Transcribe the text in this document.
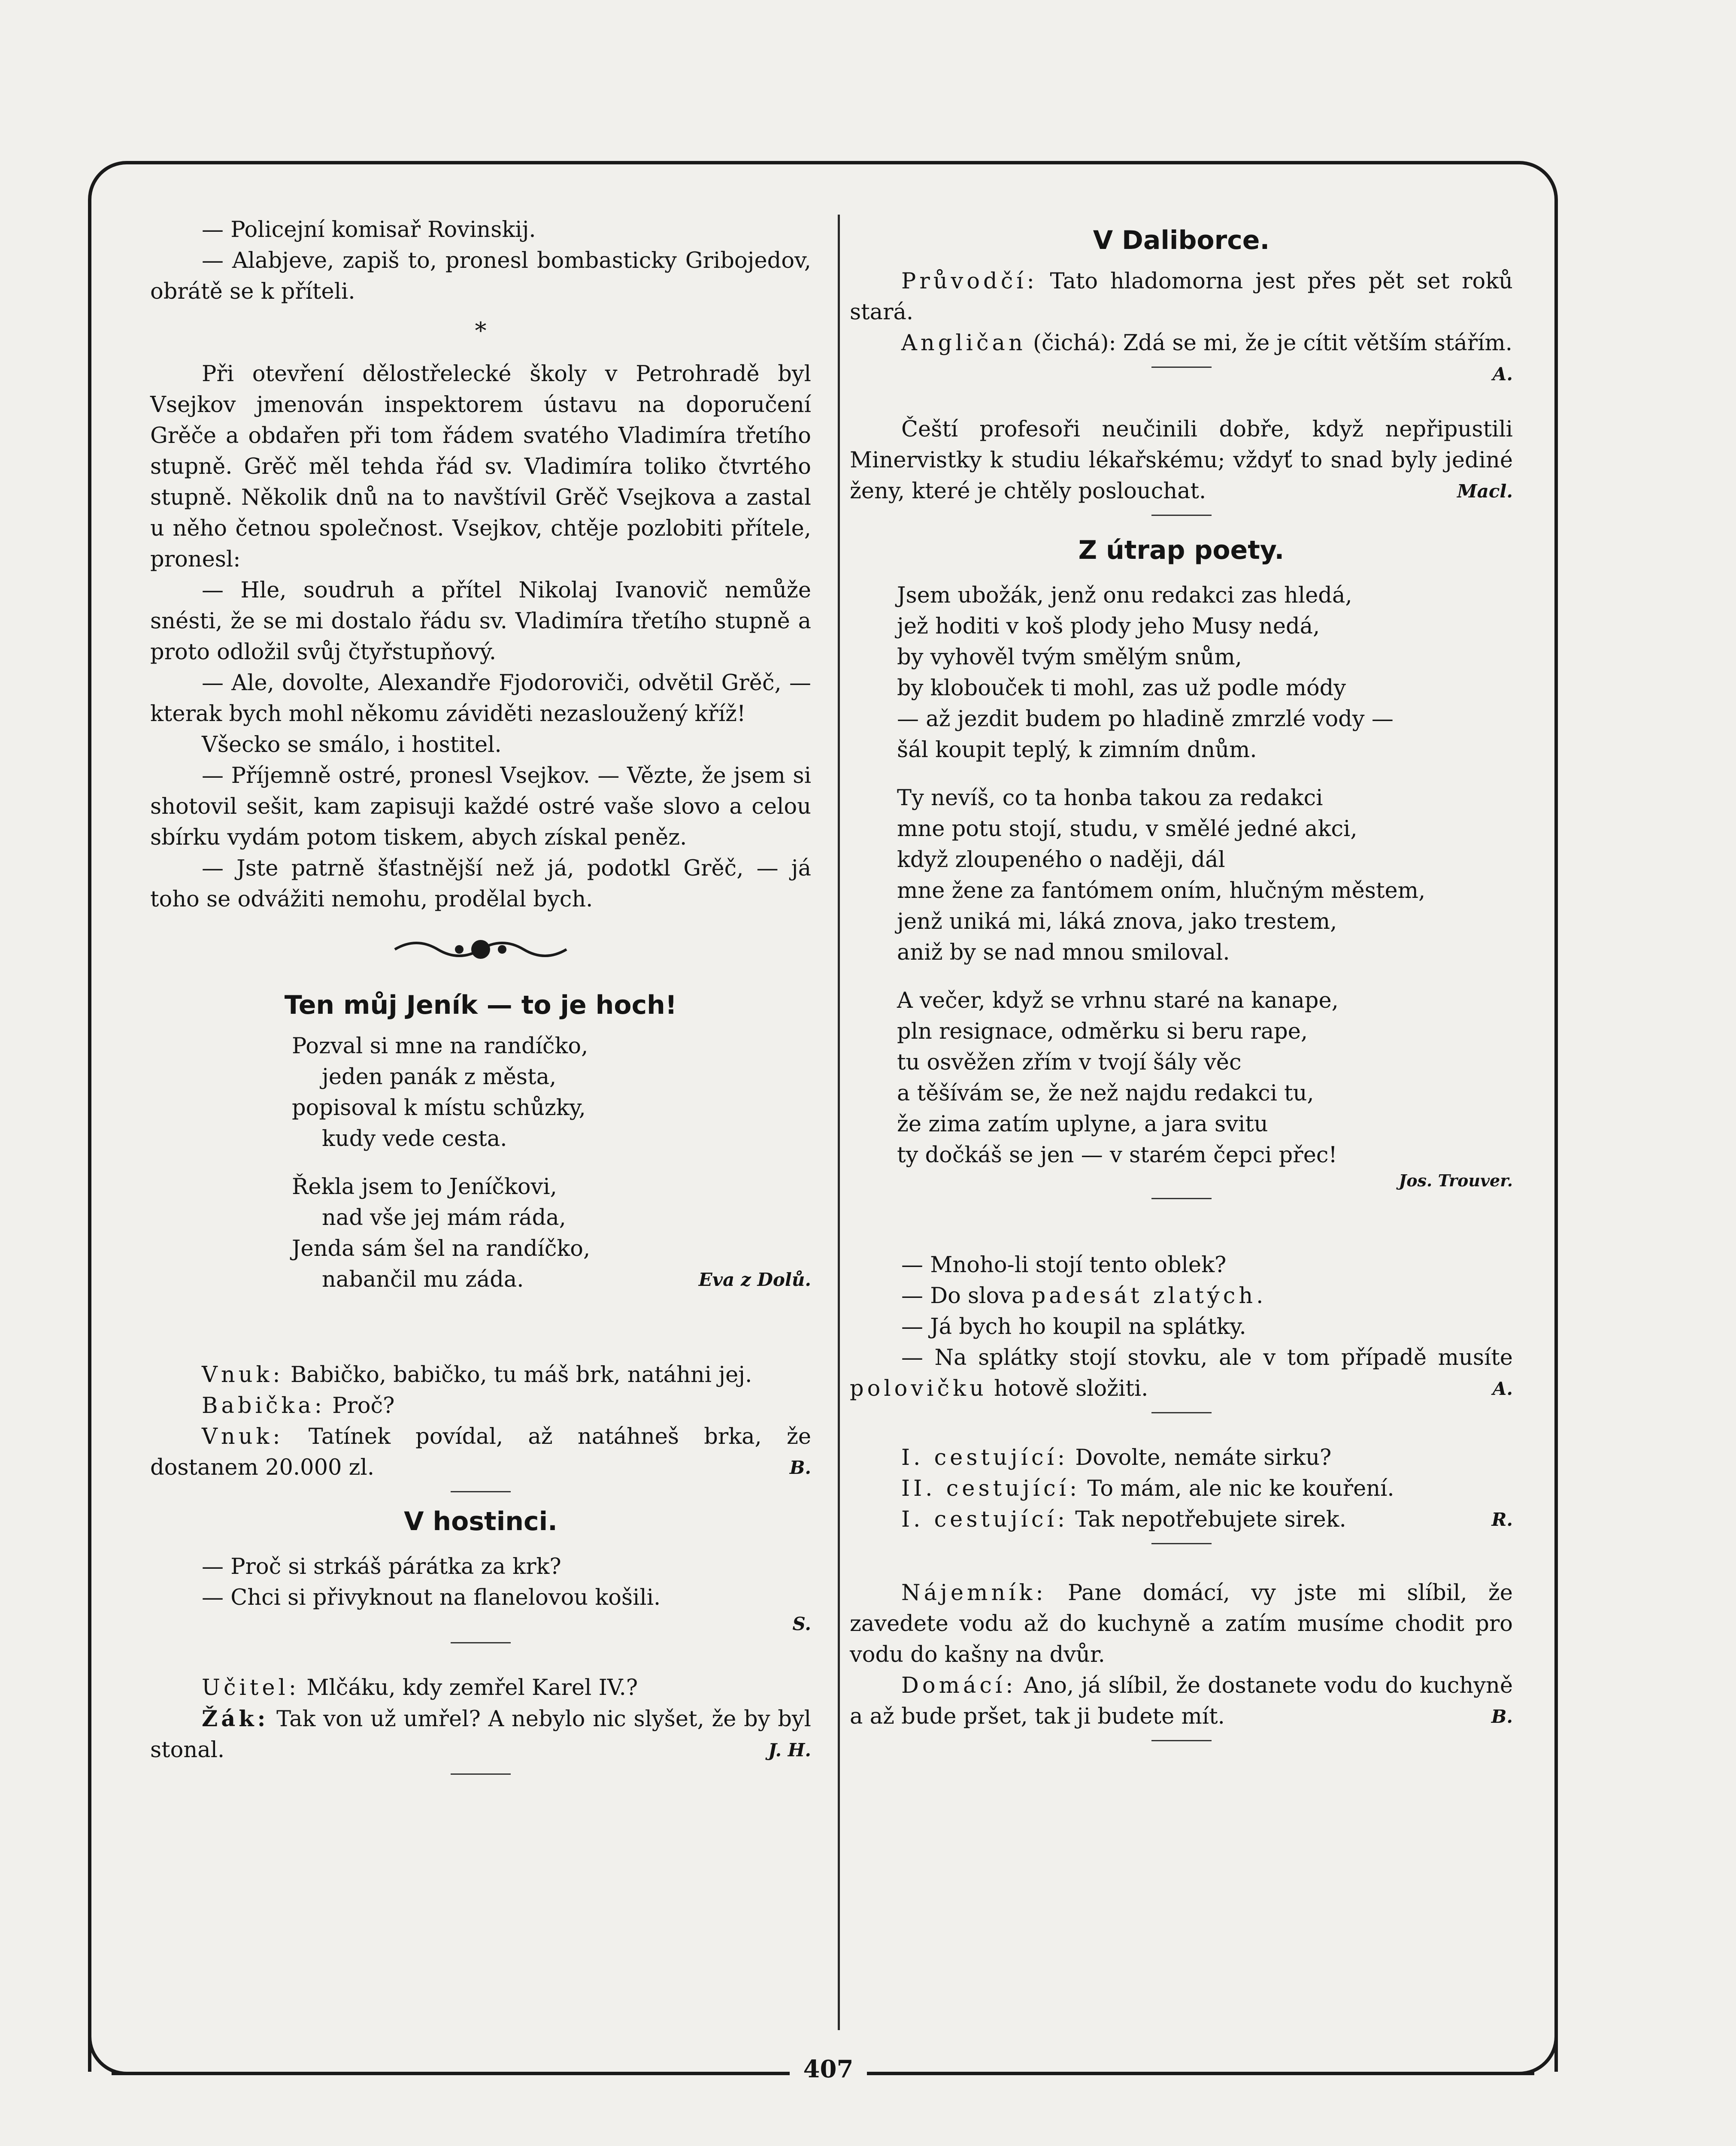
407

— Policejní komisař Rovinskij.

— Alabjeve, zapiš to, pronesl bombasticky Gribojedov, obrátě se k příteli.

*

Při otevření dělostřelecké školy v Petrohradě byl Vsejkov jmenován inspektorem ústavu na doporučení Grěče a obdařen při tom řádem svatého Vladimíra třetího stupně. Grěč měl tehda řád sv. Vladimíra toliko čtvrtého stupně. Několik dnů na to navštívil Grěč Vsejkova a zastal u něho četnou společnost. Vsejkov, chtěje pozlobiti přítele, pronesl:

— Hle, soudruh a přítel Nikolaj Ivanovič nemůže snésti, že se mi dostalo řádu sv. Vladimíra třetího stupně a proto odložil svůj čtyřstupňový.

— Ale, dovolte, Alexandře Fjodoroviči, odvětil Grěč, — kterak bych mohl někomu záviděti nezasloužený kříž!

Všecko se smálo, i hostitel.

— Příjemně ostré, pronesl Vsejkov. — Vězte, že jsem si shotovil sešit, kam zapisuji každé ostré vaše slovo a celou sbírku vydám potom tiskem, abych získal peněz.

— Jste patrně šťastnější než já, podotkl Grěč, — já toho se odvážiti nemohu, prodělal bych.

Ten můj Jeník — to je hoch!

Pozval si mne na randíčko,

jeden panák z města,

popisoval k místu schůzky,

kudy vede cesta.

Řekla jsem to Jeníčkovi,

nad vše jej mám ráda,

Jenda sám šel na randíčko,

nabančil mu záda.	Eva z Dolů.

Vnuk: Babičko, babičko, tu máš brk, natáhni jej.

Babička: Proč?

Vnuk: Tatínek povídal, až natáhneš brka, že dostanem 20.000 zl.	B.

V hostinci.

— Proč si strkáš párátka za krk?

— Chci si přivyknout na flanelovou košili.

S.

Učitel: Mlčáku, kdy zemřel Karel IV.?

Žák: Tak von už umřel? A nebylo nic slyšet, že by byl stonal.	J. H.

V Daliborce.

Průvodčí: Tato hladomorna jest přes pět set roků stará.

Angličan (čichá): Zdá se mi, že je cítit větším stářím.
A.

Čeští profesoři neučinili dobře, když nepřipustili Minervistky k studiu lékařskému; vždyť to snad byly jediné ženy, které je chtěly poslouchat.	Macl.

Z útrap poety.

Jsem ubožák, jenž onu redakci zas hledá,

jež hoditi v koš plody jeho Musy nedá,

by vyhověl tvým smělým snům,

by klobouček ti mohl, zas už podle módy

— až jezdit budem po hladině zmrzlé vody —

šál koupit teplý, k zimním dnům.

Ty nevíš, co ta honba takou za redakci

mne potu stojí, studu, v smělé jedné akci,

když zloupeného o naději, dál

mne žene za fantómem oním, hlučným městem,

jenž uniká mi, láká znova, jako trestem,

aniž by se nad mnou smiloval.

A večer, když se vrhnu staré na kanape,

pln resignace, odměrku si beru rape,

tu osvěžen zřím v tvojí šály věc

a těšívám se, že než najdu redakci tu,

že zima zatím uplyne, a jara svitu

ty dočkáš se jen — v starém čepci přec!

Jos. Trouver.

— Mnoho-li stojí tento oblek?

— Do slova padesát zlatých.

— Já bych ho koupil na splátky.

— Na splátky stojí stovku, ale v tom případě musíte polovičku hotově složiti.	A.

I. cestující: Dovolte, nemáte sirku?

II. cestující: To mám, ale nic ke kouření.

I. cestující: Tak nepotřebujete sirek.	R.

Nájemník: Pane domácí, vy jste mi slíbil, že zavedete vodu až do kuchyně a zatím musíme chodit pro vodu do kašny na dvůr.

Domácí: Ano, já slíbil, že dostanete vodu do kuchyně a až bude pršet, tak ji budete mít.	B.
